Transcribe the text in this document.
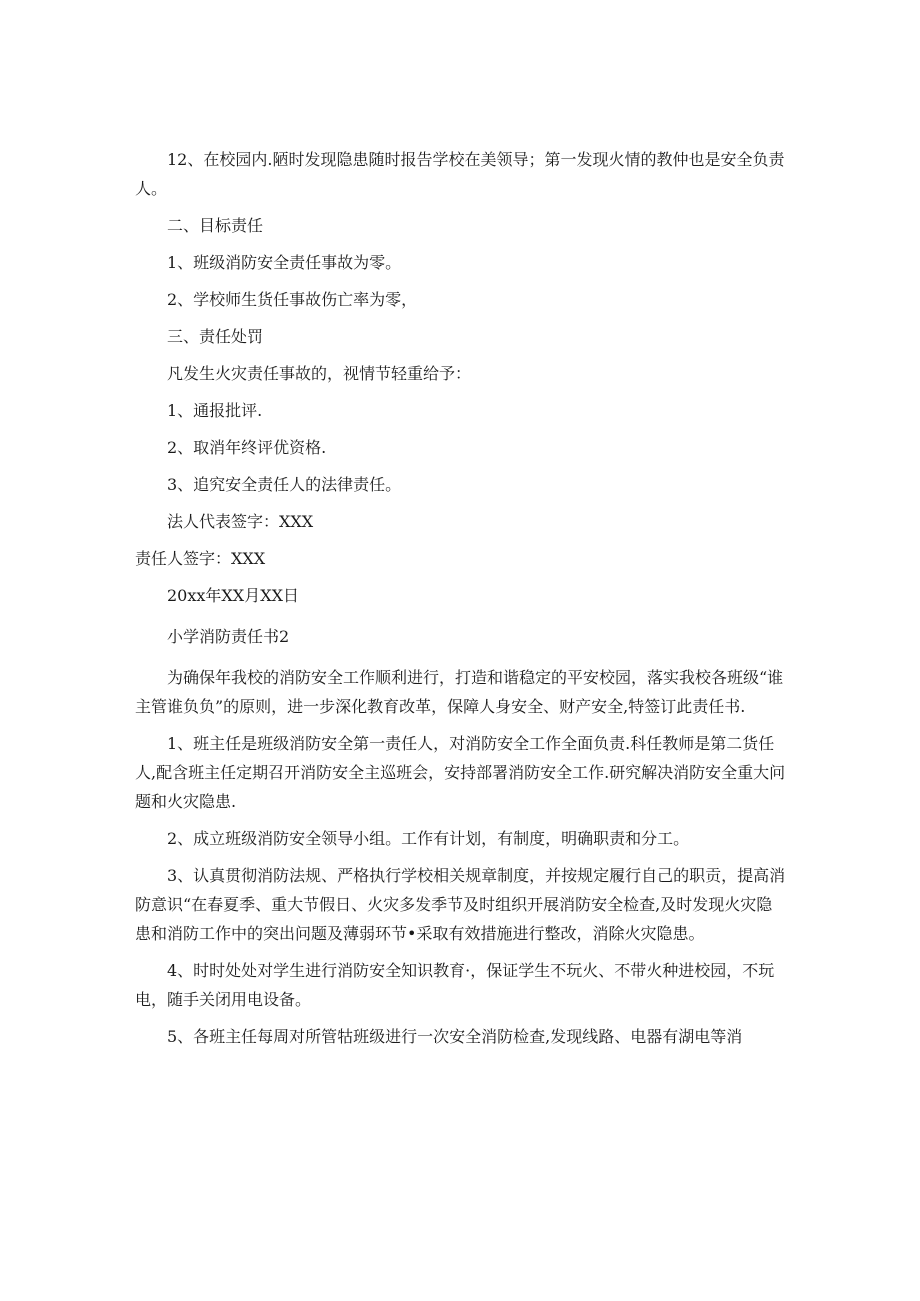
12、在校园内.陋时发现隐患随时报告学校在美领导；第一发现火情的教仲也是安全负责人。

二、目标责任

1、班级消防安全责任事故为零。

2、学校师生货任事故伤亡率为零，

三、责任处罚

凡发生火灾责任事故的，视情节轻重给予：

1、通报批评.

2、取消年终评优资格.

3、追究安全责任人的法律责任。

法人代表签字：XXX

责任人签字：XXX

20xx年XX月XX日

小学消防责任书2

为确保年我校的消防安全工作顺利进行，打造和谐稳定的平安校园，落实我校各班级“谁主管谁负负”的原则，进一步深化教育改革，保障人身安全、财产安全,特签订此责任书.

1、班主任是班级消防安全第一责任人，对消防安全工作全面负责.科任教师是第二货任人,配含班主任定期召开消防安全主巡班会，安持部署消防安全工作.研究解决消防安全重大问题和火灾隐患.

2、成立班级消防安全领导小组。工作有计划，有制度，明确职责和分工。

3、认真贯彻消防法规、严格执行学校相关规章制度，并按规定履行自己的职贡，提高消防意识“在春夏季、重大节假日、火灾多发季节及时组织开展消防安全检查,及时发现火灾隐患和消防工作中的突出问题及薄弱环节•采取有效措施进行整改，消除火灾隐患。

4、时时处处对学生进行消防安全知识教育·，保证学生不玩火、不带火种进校园，不玩电，随手关闭用电设备。

5、各班主任每周对所管牯班级进行一次安全消防检查,发现线路、电器有湖电等消
